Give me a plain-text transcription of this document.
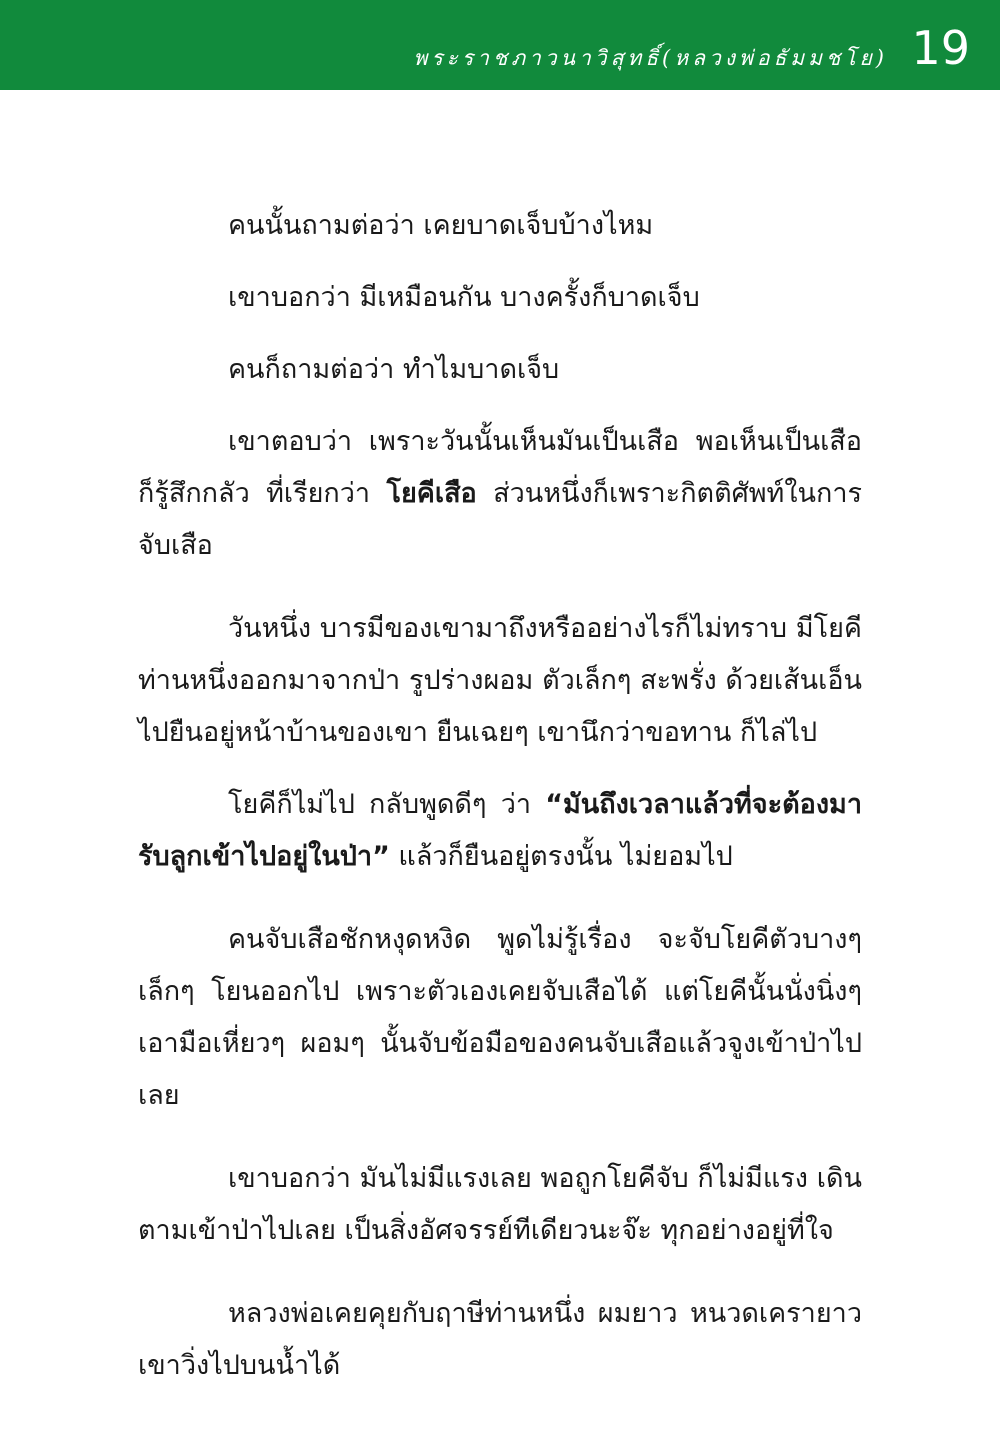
พระราชภาวนาวิสุทธิ์(หลวงพ่อธัมมชโย) 19

คนนั้นถามต่อว่า เคยบาดเจ็บบ้างไหม

เขาบอกว่า มีเหมือนกัน บางครั้งก็บาดเจ็บ

คนก็ถามต่อว่า ทำไมบาดเจ็บ

เขาตอบว่า เพราะวันนั้นเห็นมันเป็นเสือ พอเห็นเป็นเสือ ก็รู้สึกกลัว ที่เรียกว่า โยคีเสือ ส่วนหนึ่งก็เพราะกิตติศัพท์ในการจับเสือ

วันหนึ่ง บารมีของเขามาถึงหรืออย่างไรก็ไม่ทราบ มีโยคีท่านหนึ่งออกมาจากป่า รูปร่างผอม ตัวเล็กๆ สะพรั่ง ด้วยเส้นเอ็นไปยืนอยู่หน้าบ้านของเขา ยืนเฉยๆ เขานึกว่าขอทาน ก็ไล่ไป

โยคีก็ไม่ไป กลับพูดดีๆ ว่า “มันถึงเวลาแล้วที่จะต้องมารับลูกเข้าไปอยู่ในป่า” แล้วก็ยืนอยู่ตรงนั้น ไม่ยอมไป

คนจับเสือชักหงุดหงิด พูดไม่รู้เรื่อง จะจับโยคีตัวบางๆ เล็กๆ โยนออกไป เพราะตัวเองเคยจับเสือได้ แต่โยคีนั้นนั่งนิ่งๆ เอามือเหี่ยวๆ ผอมๆ นั้นจับข้อมือของคนจับเสือแล้วจูงเข้าป่าไปเลย

เขาบอกว่า มันไม่มีแรงเลย พอถูกโยคีจับ ก็ไม่มีแรง เดินตามเข้าป่าไปเลย เป็นสิ่งอัศจรรย์ทีเดียวนะจ๊ะ ทุกอย่างอยู่ที่ใจ

หลวงพ่อเคยคุยกับฤาษีท่านหนึ่ง ผมยาว หนวดเครายาว เขาวิ่งไปบนน้ำได้
